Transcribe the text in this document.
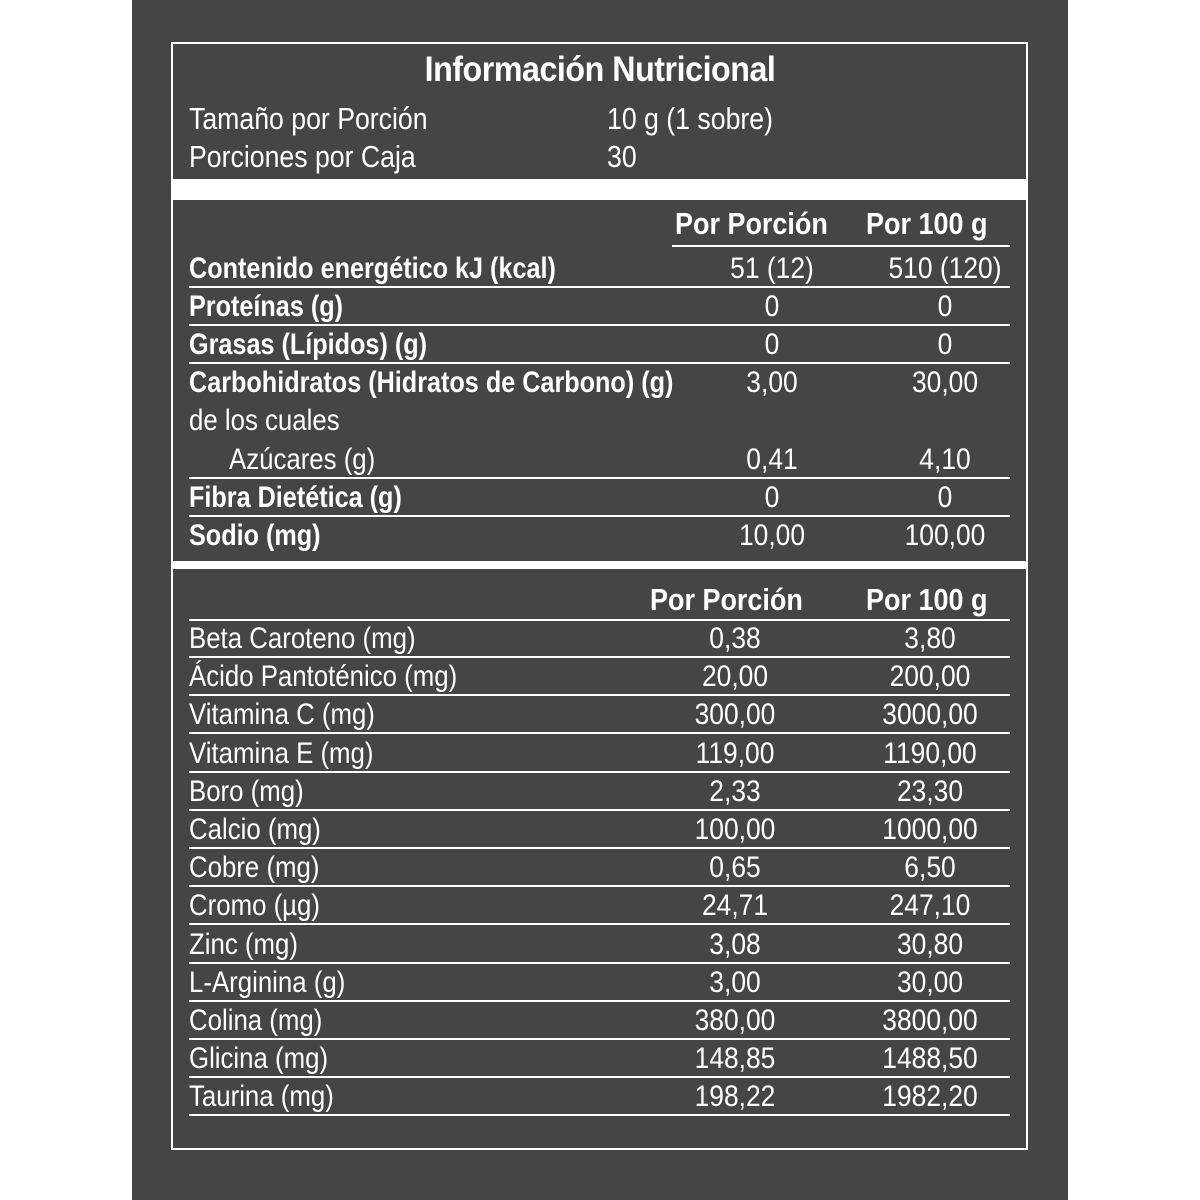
Información Nutricional
Tamaño por Porción	10 g (1 sobre)
Porciones por Caja	30
Por Porción Por 100 g
Contenido energético kJ (kcal)	51 (12)	510 (120)
Proteínas (g)	0	0
Grasas (Lípidos) (g)	0	0
Carbohidratos (Hidratos de Carbono) (g)	3,00	30,00
de los cuales
Azúcares (g)	0,41	4,10
Fibra Dietética (g)	0	0
Sodio (mg)	10,00	100,00
Por Porción Por 100 g
Beta Caroteno (mg)	0,38	3,80
Ácido Pantoténico (mg)	20,00	200,00
Vitamina C (mg)	300,00	3000,00
Vitamina E (mg)	119,00	1190,00
Boro (mg)	2,33	23,30
Calcio (mg)	100,00	1000,00
Cobre (mg)	0,65	6,50
Cromo (µg)	24,71	247,10
Zinc (mg)	3,08	30,80
L-Arginina (g)	3,00	30,00
Colina (mg)	380,00	3800,00
Glicina (mg)	148,85	1488,50
Taurina (mg)	198,22	1982,20
